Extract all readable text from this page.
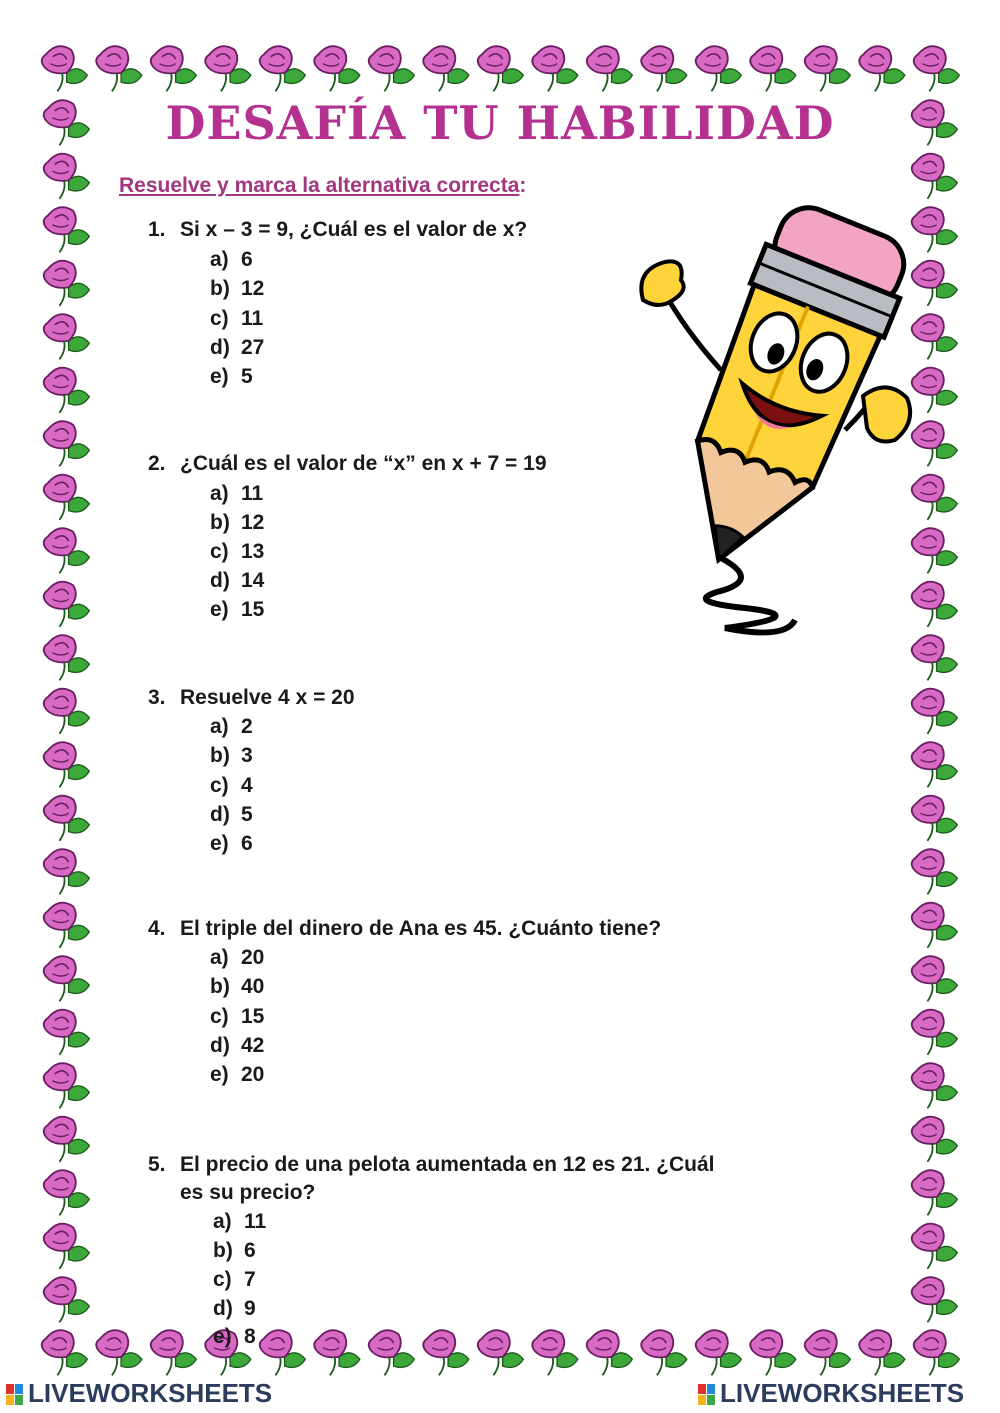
DESAFÍA TU HABILIDAD
Resuelve y marca la alternativa correcta:
1. Si x – 3 = 9, ¿Cuál es el valor de x?
a) 6
b) 12
c) 11
d) 27
e) 5
2. ¿Cuál es el valor de “x” en x + 7 = 19
a) 11
b) 12
c) 13
d) 14
e) 15
3. Resuelve 4 x = 20
a) 2
b) 3
c) 4
d) 5
e) 6
4. El triple del dinero de Ana es 45. ¿Cuánto tiene?
a) 20
b) 40
c) 15
d) 42
e) 20
5. El precio de una pelota aumentada en 12 es 21. ¿Cuál
es su precio?
a) 11
b) 6
c) 7
d) 9
e) 8
LIVEWORKSHEETS	LIVEWORKSHEETS
